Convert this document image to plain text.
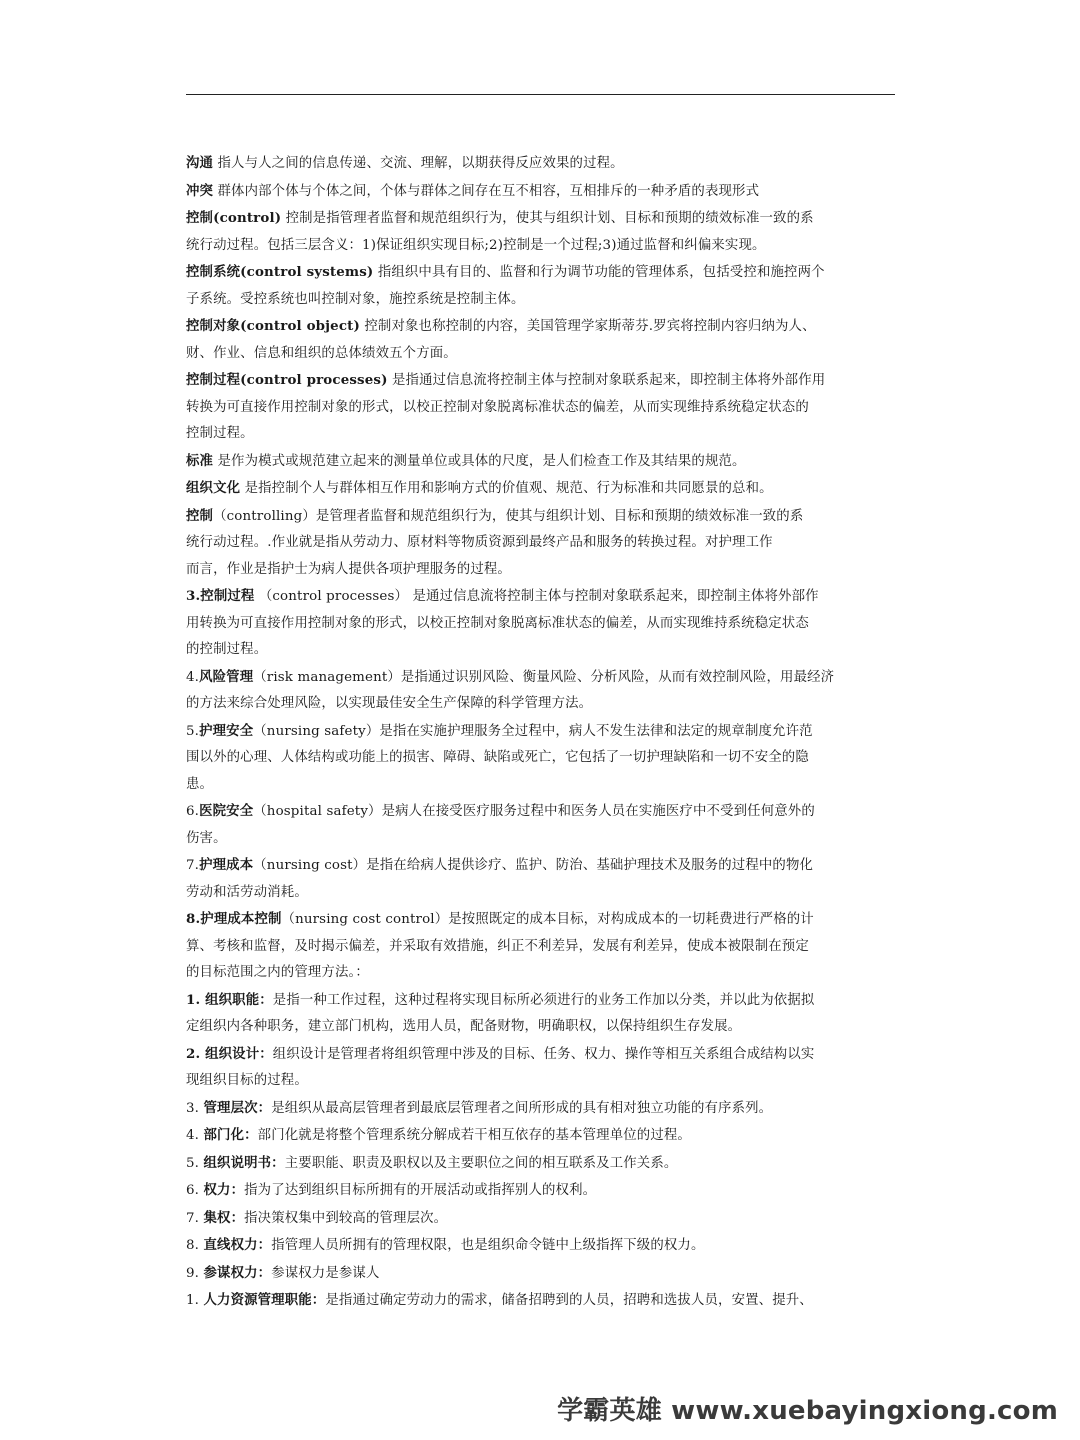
沟通 指人与人之间的信息传递、交流、理解，以期获得反应效果的过程。
冲突 群体内部个体与个体之间，个体与群体之间存在互不相容，互相排斥的一种矛盾的表现形式
控制(control) 控制是指管理者监督和规范组织行为，使其与组织计划、目标和预期的绩效标准一致的系
统行动过程。包括三层含义：1)保证组织实现目标;2)控制是一个过程;3)通过监督和纠偏来实现。
控制系统(control systems) 指组织中具有目的、监督和行为调节功能的管理体系，包括受控和施控两个
子系统。受控系统也叫控制对象，施控系统是控制主体。
控制对象(control object) 控制对象也称控制的内容，美国管理学家斯蒂芬.罗宾将控制内容归纳为人、
财、作业、信息和组织的总体绩效五个方面。
控制过程(control processes) 是指通过信息流将控制主体与控制对象联系起来，即控制主体将外部作用
转换为可直接作用控制对象的形式，以校正控制对象脱离标准状态的偏差，从而实现维持系统稳定状态的
控制过程。
标准 是作为模式或规范建立起来的测量单位或具体的尺度，是人们检查工作及其结果的规范。
组织文化 是指控制个人与群体相互作用和影响方式的价值观、规范、行为标准和共同愿景的总和。
控制（controlling）是管理者监督和规范组织行为，使其与组织计划、目标和预期的绩效标准一致的系
统行动过程。.作业就是指从劳动力、原材料等物质资源到最终产品和服务的转换过程。对护理工作
而言，作业是指护士为病人提供各项护理服务的过程。
3.控制过程 （control processes） 是通过信息流将控制主体与控制对象联系起来，即控制主体将外部作
用转换为可直接作用控制对象的形式，以校正控制对象脱离标准状态的偏差，从而实现维持系统稳定状态
的控制过程。
4.风险管理（risk management）是指通过识别风险、衡量风险、分析风险，从而有效控制风险，用最经济
的方法来综合处理风险，以实现最佳安全生产保障的科学管理方法。
5.护理安全（nursing safety）是指在实施护理服务全过程中，病人不发生法律和法定的规章制度允许范
围以外的心理、人体结构或功能上的损害、障碍、缺陷或死亡，它包括了一切护理缺陷和一切不安全的隐
患。
6.医院安全（hospital safety）是病人在接受医疗服务过程中和医务人员在实施医疗中不受到任何意外的
伤害。
7.护理成本（nursing cost）是指在给病人提供诊疗、监护、防治、基础护理技术及服务的过程中的物化
劳动和活劳动消耗。
8.护理成本控制（nursing cost control）是按照既定的成本目标，对构成成本的一切耗费进行严格的计
算、考核和监督，及时揭示偏差，并采取有效措施，纠正不利差异，发展有利差异，使成本被限制在预定
的目标范围之内的管理方法。：
1. 组织职能：是指一种工作过程，这种过程将实现目标所必须进行的业务工作加以分类，并以此为依据拟
定组织内各种职务，建立部门机构，选用人员，配备财物，明确职权，以保持组织生存发展。
2. 组织设计：组织设计是管理者将组织管理中涉及的目标、任务、权力、操作等相互关系组合成结构以实
现组织目标的过程。
3. 管理层次：是组织从最高层管理者到最底层管理者之间所形成的具有相对独立功能的有序系列。
4. 部门化：部门化就是将整个管理系统分解成若干相互依存的基本管理单位的过程。
5. 组织说明书：主要职能、职责及职权以及主要职位之间的相互联系及工作关系。
6. 权力：指为了达到组织目标所拥有的开展活动或指挥别人的权利。
7. 集权：指决策权集中到较高的管理层次。
8. 直线权力：指管理人员所拥有的管理权限，也是组织命令链中上级指挥下级的权力。
9. 参谋权力：参谋权力是参谋人
1. 人力资源管理职能：是指通过确定劳动力的需求，储备招聘到的人员，招聘和选拔人员，安置、提升、
学霸英雄 www.xuebayingxiong.com
